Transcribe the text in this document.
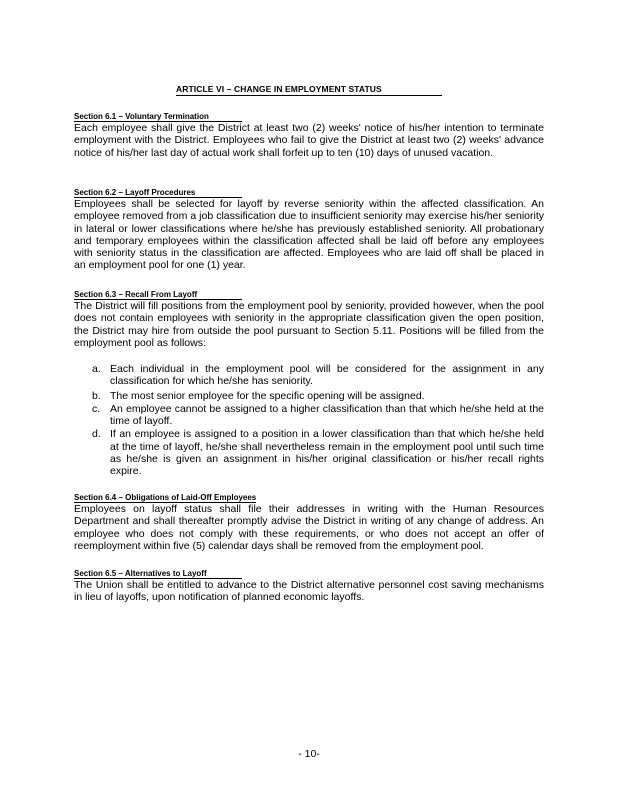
ARTICLE VI – CHANGE IN EMPLOYMENT STATUS
Section 6.1 – Voluntary Termination

Each employee shall give the District at least two (2) weeks' notice of his/her intention to terminate employment with the District. Employees who fail to give the District at least two (2) weeks' advance notice of his/her last day of actual work shall forfeit up to ten (10) days of unused vacation.

Section 6.2 – Layoff Procedures

Employees shall be selected for layoff by reverse seniority within the affected classification. An employee removed from a job classification due to insufficient seniority may exercise his/her seniority in lateral or lower classifications where he/she has previously established seniority. All probationary and temporary employees within the classification affected shall be laid off before any employees with seniority status in the classification are affected. Employees who are laid off shall be placed in an employment pool for one (1) year.

Section 6.3 – Recall From Layoff

The District will fill positions from the employment pool by seniority, provided however, when the pool does not contain employees with seniority in the appropriate classification given the open position, the District may hire from outside the pool pursuant to Section 5.11. Positions will be filled from the employment pool as follows:

a. Each individual in the employment pool will be considered for the assignment in any classification for which he/she has seniority.
b. The most senior employee for the specific opening will be assigned.
c. An employee cannot be assigned to a higher classification than that which he/she held at the time of layoff.
d. If an employee is assigned to a position in a lower classification than that which he/she held at the time of layoff, he/she shall nevertheless remain in the employment pool until such time as he/she is given an assignment in his/her original classification or his/her recall rights expire.
Section 6.4 – Obligations of Laid-Off Employees

Employees on layoff status shall file their addresses in writing with the Human Resources Department and shall thereafter promptly advise the District in writing of any change of address. An employee who does not comply with these requirements, or who does not accept an offer of reemployment within five (5) calendar days shall be removed from the employment pool.

Section 6.5 – Alternatives to Layoff

The Union shall be entitled to advance to the District alternative personnel cost saving mechanisms in lieu of layoffs, upon notification of planned economic layoffs.

- 10-
